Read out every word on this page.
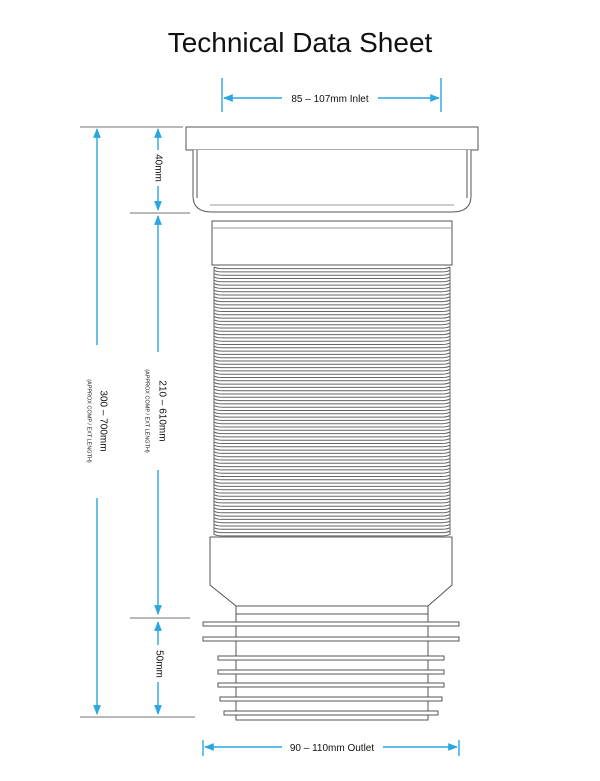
Technical Data Sheet
85 – 107mm Inlet
90 – 110mm Outlet
40mm
50mm
210 – 610mm
(APPROX COMP / EXT LENGTH)
300 – 700mm
(APPROX COMP / EXT LENGTH)
